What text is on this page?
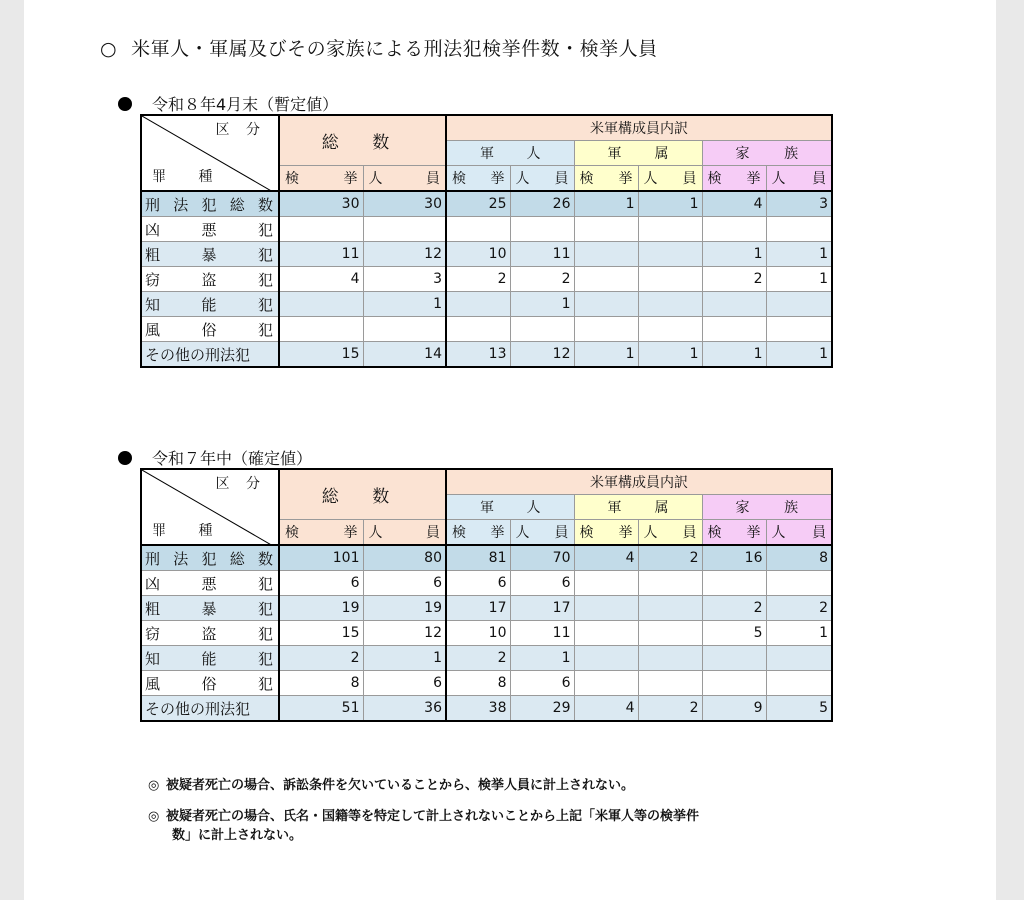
○ 米軍人・軍属及びその家族による刑法犯検挙件数・検挙人員
令和８年4月末（暫定値）
区 分
罪 種	総 数		米軍構成員内訳					

			軍 人		軍 属		家 族	

	検 挙	人 員	検 挙	人 員	検 挙	人 員	検 挙	人 員

刑 法 犯 総 数	30	30	25	26	1	1	4	3

凶 悪 犯								

粗 暴 犯	11	12	10	11			1	1

窃 盗 犯	4	3	2	2			2	1

知 能 犯		1		1				

風 俗 犯								

その他の刑法犯	15	14	13	12	1	1	1	1
令和７年中（確定値）
区 分
罪 種	総 数		米軍構成員内訳					

			軍 人		軍 属		家 族	

	検 挙	人 員	検 挙	人 員	検 挙	人 員	検 挙	人 員

刑 法 犯 総 数	101	80	81	70	4	2	16	8

凶 悪 犯	6	6	6	6				

粗 暴 犯	19	19	17	17			2	2

窃 盗 犯	15	12	10	11			5	1

知 能 犯	2	1	2	1				

風 俗 犯	8	6	8	6				

その他の刑法犯	51	36	38	29	4	2	9	5
◎ 被疑者死亡の場合、訴訟条件を欠いていることから、検挙人員に計上されない。
◎ 被疑者死亡の場合、氏名・国籍等を特定して計上されないことから上記「米軍人等の検挙件
数」に計上されない。
